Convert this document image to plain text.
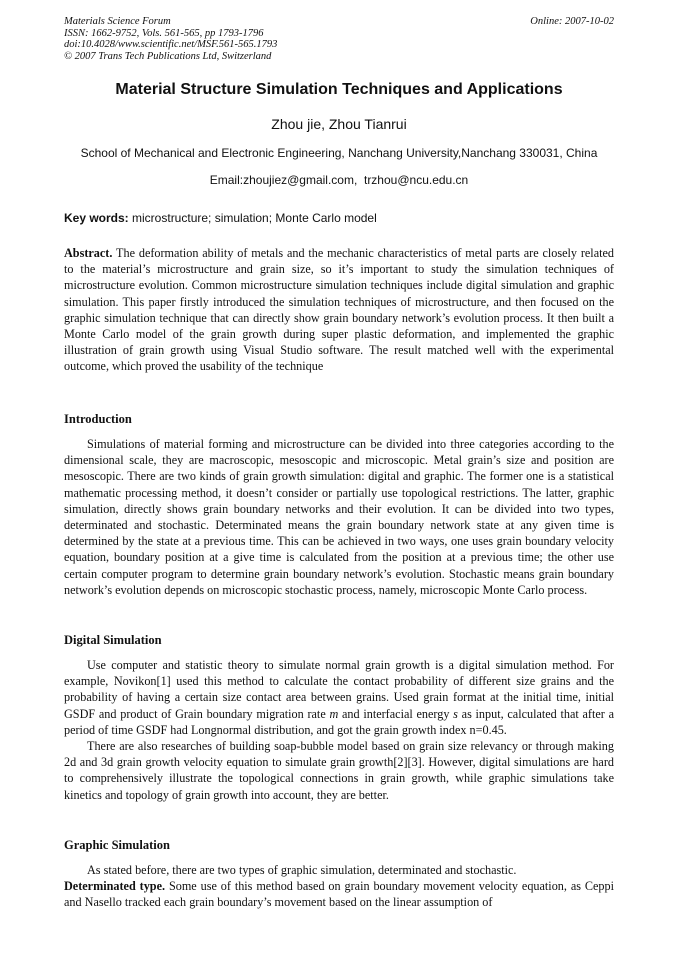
Materials Science Forum
ISSN: 1662-9752, Vols. 561-565, pp 1793-1796
doi:10.4028/www.scientific.net/MSF.561-565.1793
© 2007 Trans Tech Publications Ltd, Switzerland
Online: 2007-10-02
Material Structure Simulation Techniques and Applications
Zhou jie, Zhou Tianrui
School of Mechanical and Electronic Engineering, Nanchang University,Nanchang 330031, China
Email:zhoujiez@gmail.com,  trzhou@ncu.edu.cn
Key words: microstructure; simulation; Monte Carlo model

Abstract. The deformation ability of metals and the mechanic characteristics of metal parts are closely related to the material’s microstructure and grain size, so it’s important to study the simulation techniques of microstructure evolution. Common microstructure simulation techniques include digital simulation and graphic simulation. This paper firstly introduced the simulation techniques of microstructure, and then focused on the graphic simulation technique that can directly show grain boundary network’s evolution process. It then built a Monte Carlo model of the grain growth during super plastic deformation, and implemented the graphic illustration of grain growth using Visual Studio software. The result matched well with the experimental outcome, which proved the usability of the technique

Introduction

Simulations of material forming and microstructure can be divided into three categories according to the dimensional scale, they are macroscopic, mesoscopic and microscopic. Metal grain’s size and position are mesoscopic. There are two kinds of grain growth simulation: digital and graphic. The former one is a statistical mathematic processing method, it doesn’t consider or partially use topological restrictions. The latter, graphic simulation, directly shows grain boundary networks and their evolution. It can be divided into two types, determinated and stochastic. Determinated means the grain boundary network state at any given time is determined by the state at a previous time. This can be achieved in two ways, one uses grain boundary velocity equation, boundary position at a give time is calculated from the position at a previous time; the other use certain computer program to determine grain boundary network’s evolution. Stochastic means grain boundary network’s evolution depends on microscopic stochastic process, namely, microscopic Monte Carlo process.

Digital Simulation

Use computer and statistic theory to simulate normal grain growth is a digital simulation method. For example, Novikon[1] used this method to calculate the contact probability of different size grains and the probability of having a certain size contact area between grains. Used grain format at the initial time, initial GSDF and product of Grain boundary migration rate m and interfacial energy s as input, calculated that after a period of time GSDF had Longnormal distribution, and got the grain growth index n=0.45.

There are also researches of building soap-bubble model based on grain size relevancy or through making 2d and 3d grain growth velocity equation to simulate grain growth[2][3]. However, digital simulations are hard to comprehensively illustrate the topological connections in grain growth, while graphic simulations take kinetics and topology of grain growth into account, they are better.

Graphic Simulation

As stated before, there are two types of graphic simulation, determinated and stochastic.

Determinated type. Some use of this method based on grain boundary movement velocity equation, as Ceppi and Nasello tracked each grain boundary’s movement based on the linear assumption of
